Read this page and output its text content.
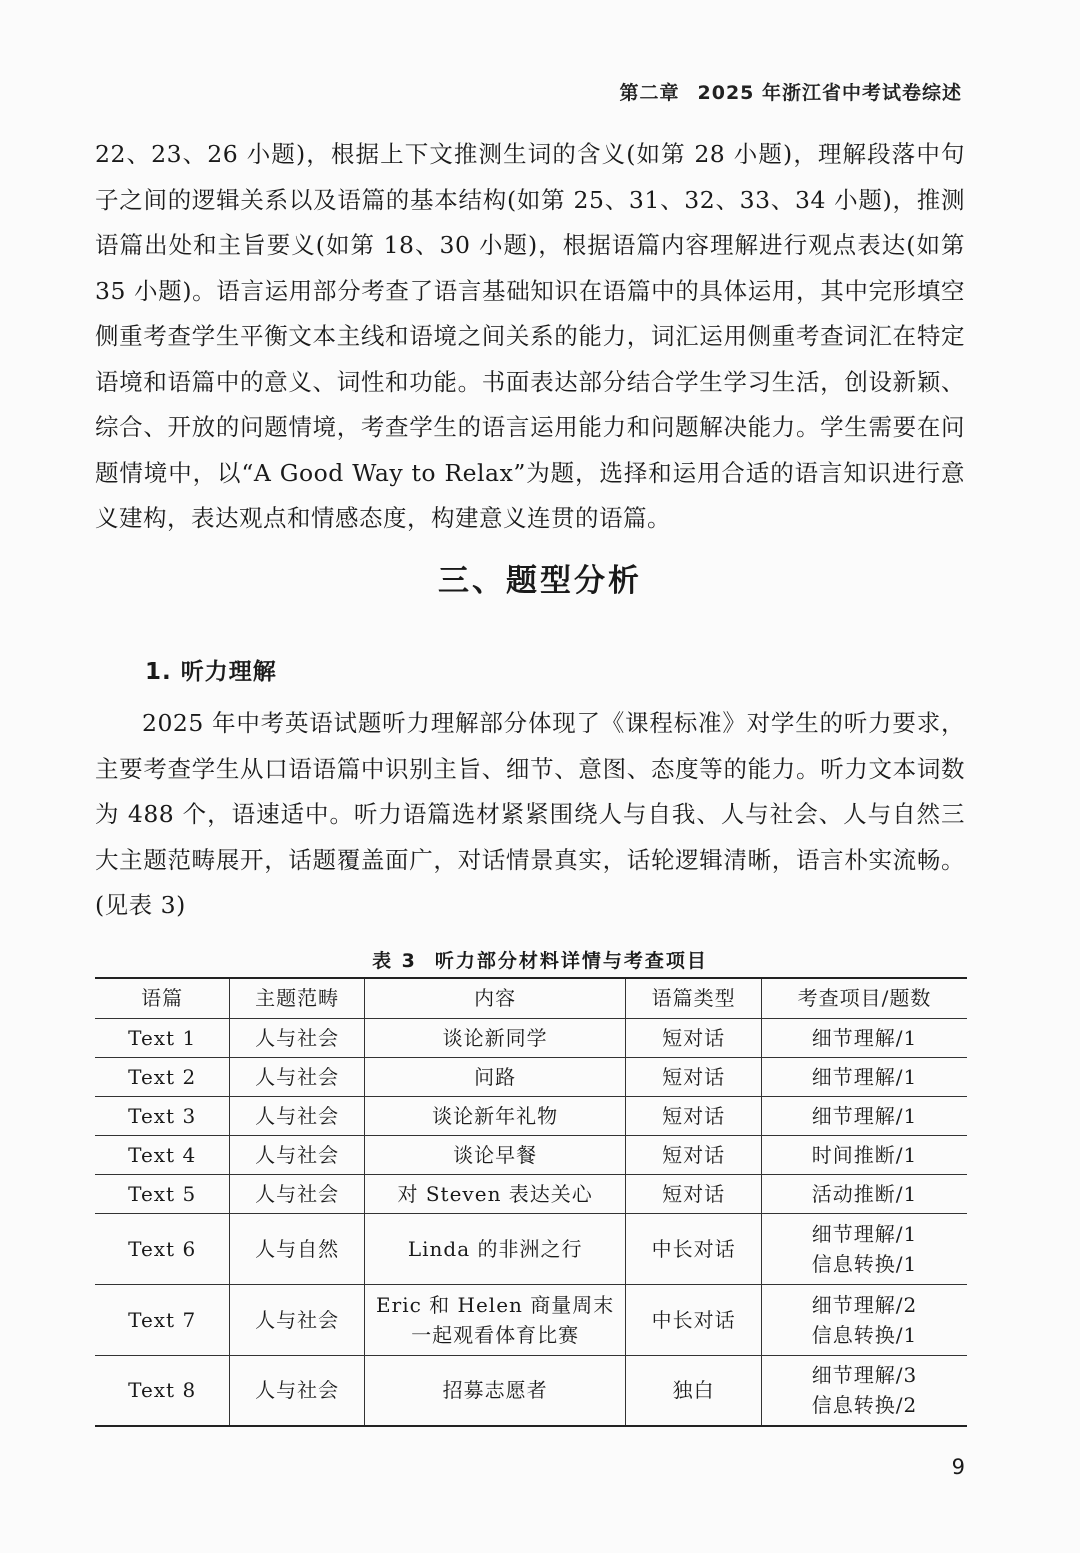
第二章 2025 年浙江省中考试卷综述

22、23、26 小题)，根据上下文推测生词的含义(如第 28 小题)，理解段落中句子之间的逻辑关系以及语篇的基本结构(如第 25、31、32、33、34 小题)，推测语篇出处和主旨要义(如第 18、30 小题)，根据语篇内容理解进行观点表达(如第 35 小题)。语言运用部分考查了语言基础知识在语篇中的具体运用，其中完形填空侧重考查学生平衡文本主线和语境之间关系的能力，词汇运用侧重考查词汇在特定语境和语篇中的意义、词性和功能。书面表达部分结合学生学习生活，创设新颖、综合、开放的问题情境，考查学生的语言运用能力和问题解决能力。学生需要在问题情境中，以“A Good Way to Relax”为题，选择和运用合适的语言知识进行意义建构，表达观点和情感态度，构建意义连贯的语篇。

三、题型分析
1. 听力理解

2025 年中考英语试题听力理解部分体现了《课程标准》对学生的听力要求，主要考查学生从口语语篇中识别主旨、细节、意图、态度等的能力。听力文本词数为 488 个，语速适中。听力语篇选材紧紧围绕人与自我、人与社会、人与自然三大主题范畴展开，话题覆盖面广，对话情景真实，话轮逻辑清晰，语言朴实流畅。(见表 3)

表 3 听力部分材料详情与考查项目
语篇	主题范畴	内容	语篇类型	考查项目/题数
Text 1	人与社会	谈论新同学	短对话	细节理解/1

Text 2	人与社会	问路	短对话	细节理解/1

Text 3	人与社会	谈论新年礼物	短对话	细节理解/1

Text 4	人与社会	谈论早餐	短对话	时间推断/1

Text 5	人与社会	对 Steven 表达关心	短对话	活动推断/1

Text 6	人与自然	Linda 的非洲之行	中长对话	细节理解/1
信息转换/1

Text 7	人与社会	Eric 和 Helen 商量周末
一起观看体育比赛	中长对话	细节理解/2
信息转换/1

Text 8	人与社会	招募志愿者	独白	细节理解/3
信息转换/2
9
